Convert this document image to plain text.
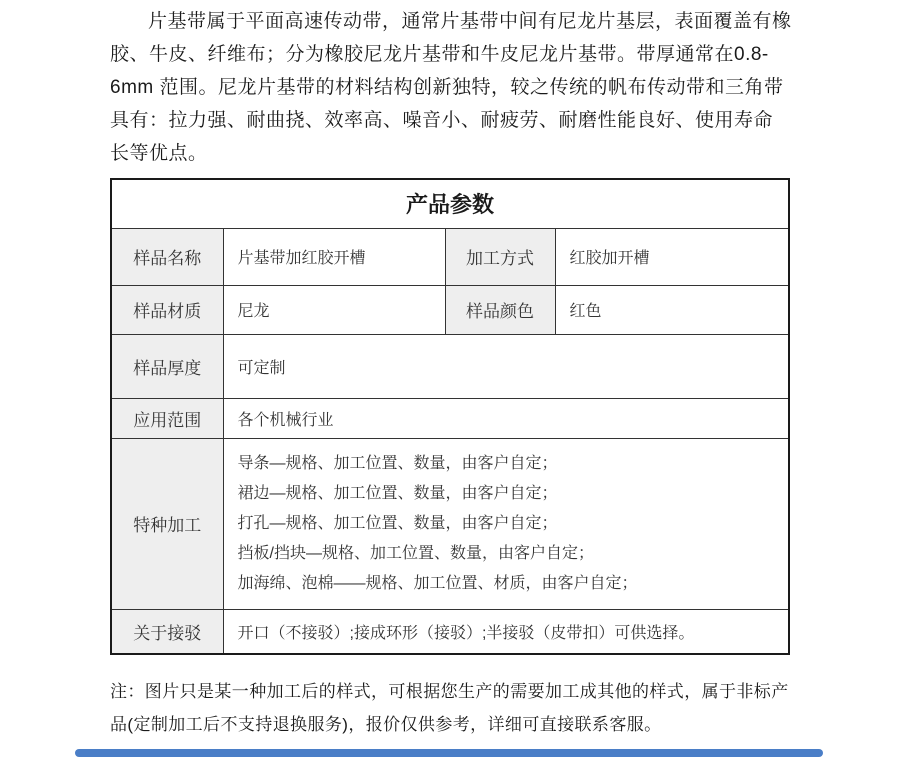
片基带属于平面高速传动带，通常片基带中间有尼龙片基层，表面覆盖有橡胶、牛皮、纤维布；分为橡胶尼龙片基带和牛皮尼龙片基带。带厚通常在0.8-6mm 范围。尼龙片基带的材料结构创新独特，较之传统的帆布传动带和三角带具有：拉力强、耐曲挠、效率高、噪音小、耐疲劳、耐磨性能良好、使用寿命长等优点。

产品参数			
样品名称	片基带加红胶开槽	加工方式	红胶加开槽
样品材质	尼龙	样品颜色	红色
样品厚度	可定制		
应用范围	各个机械行业		
特种加工	导条—规格、加工位置、数量，由客户自定；
裙边—规格、加工位置、数量，由客户自定；
打孔—规格、加工位置、数量，由客户自定；
挡板/挡块—规格、加工位置、数量，由客户自定；
加海绵、泡棉——规格、加工位置、材质，由客户自定；		

关于接驳	开口（不接驳）;接成环形（接驳）;半接驳（皮带扣）可供选择。		

注：图片只是某一种加工后的样式，可根据您生产的需要加工成其他的样式，属于非标产品(定制加工后不支持退换服务)，报价仅供参考，详细可直接联系客服。
